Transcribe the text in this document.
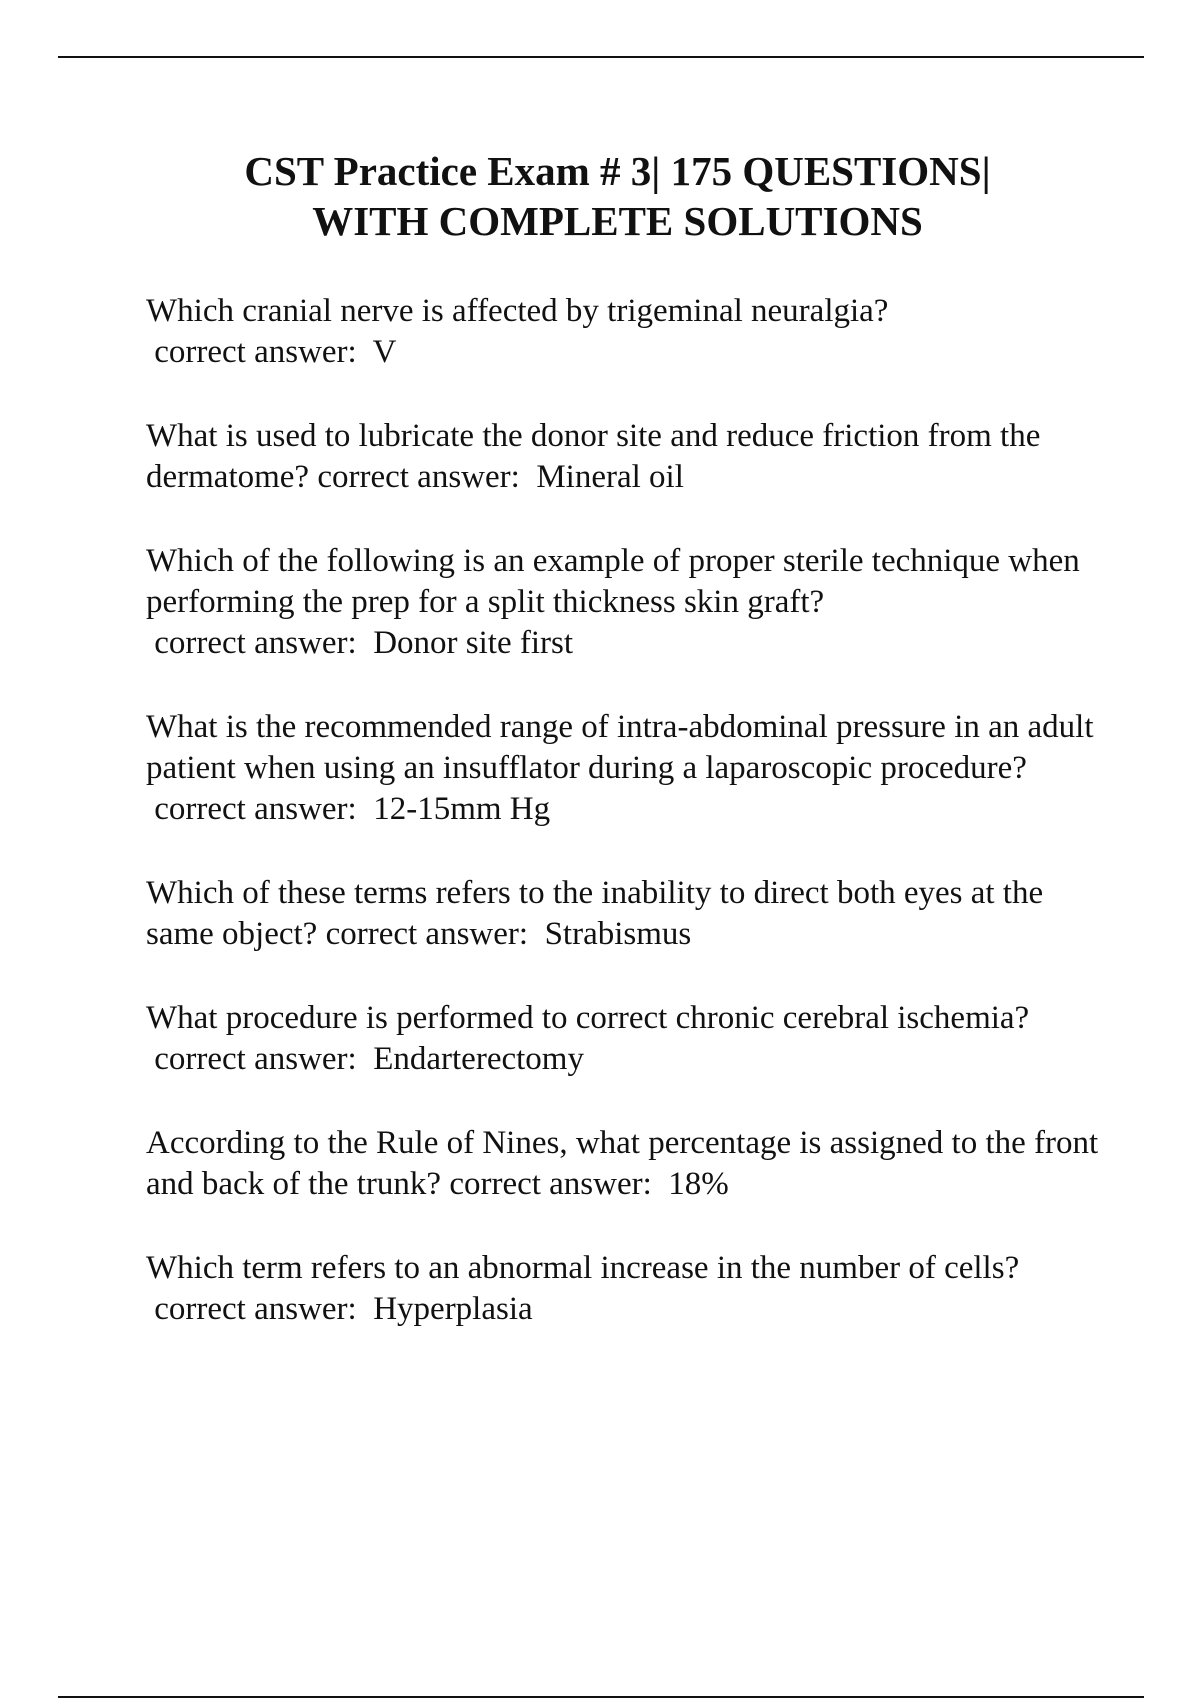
CST Practice Exam # 3| 175 QUESTIONS|
WITH COMPLETE SOLUTIONS
Which cranial nerve is affected by trigeminal neuralgia? correct answer:  V
What is used to lubricate the donor site and reduce friction from the dermatome? correct answer:  Mineral oil
Which of the following is an example of proper sterile technique when performing the prep for a split thickness skin graft? correct answer:  Donor site first
What is the recommended range of intra-abdominal pressure in an adult patient when using an insufflator during a laparoscopic procedure? correct answer:  12-15mm Hg
Which of these terms refers to the inability to direct both eyes at the same object? correct answer:  Strabismus
What procedure is performed to correct chronic cerebral ischemia? correct answer:  Endarterectomy
According to the Rule of Nines, what percentage is assigned to the front and back of the trunk? correct answer:  18%
Which term refers to an abnormal increase in the number of cells? correct answer:  Hyperplasia
